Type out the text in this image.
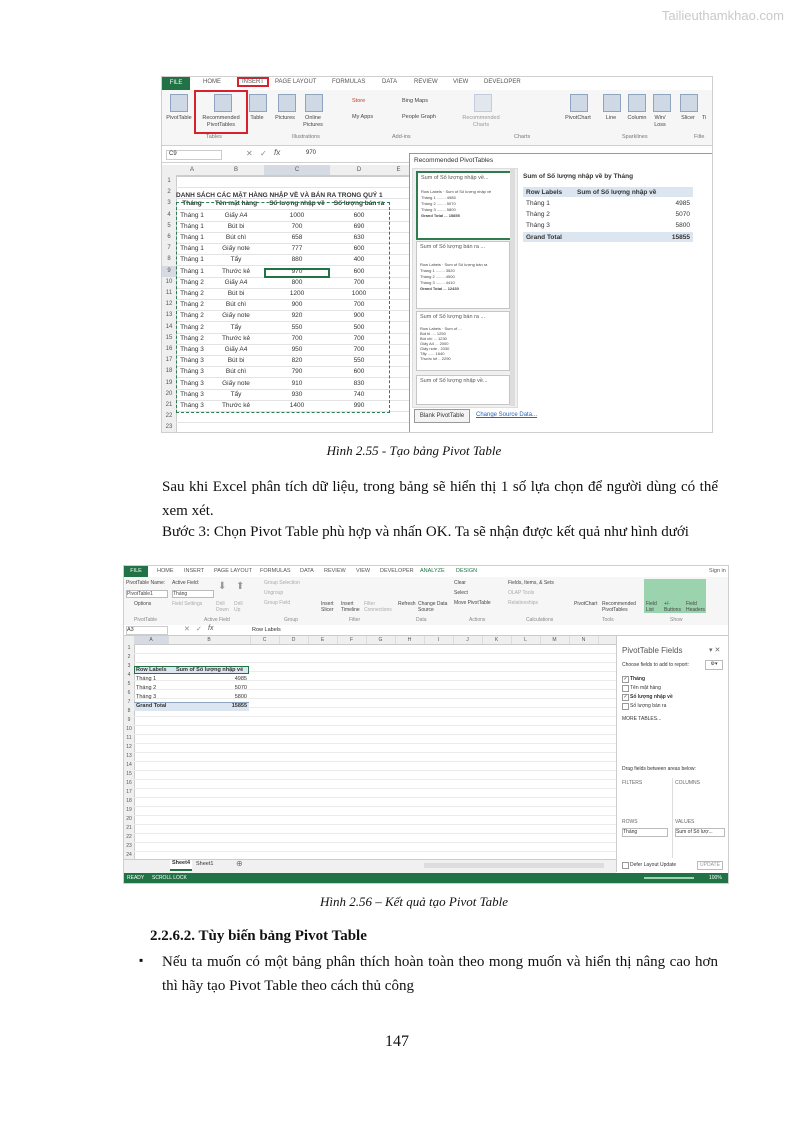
Tailieuthamkhao.com
FILE	HOME	INSERT	PAGE LAYOUT	FORMULAS	DATA	REVIEW	VIEW	DEVELOPER
PivotTable	Recommended PivotTables
Table	Pictures	Online Pictures
Store
My Apps
Bing Maps
People Graph	Recommended Charts
PivotChart	Line	Column	Win/ Loss
Slicer	Ti
Tables	Illustrations	Add-ins	Charts	Sparklines	Filte
C9	✕ ✓ fx	970
A	B	C	D	E
1
2
3
4
5
6
7
8
9
10
11
12
13
14
15
16
17
18
19
20
21
22
23
Tháng	Tên mặt hàng	Số lượng nhập về	Số lượng bán ra
Tháng 1	Giấy A4	1000	600
Tháng 1	Bút bi	700	690
Tháng 1	Bút chì	658	630
Tháng 1	Giấy note	777	600
Tháng 1	Tẩy	880	400
Tháng 1	Thước kẻ	970	600
Tháng 2	Giấy A4	800	700
Tháng 2	Bút bi	1200	1000
Tháng 2	Bút chì	900	700
Tháng 2	Giấy note	920	900
Tháng 2	Tẩy	550	500
Tháng 2	Thước kẻ	700	700
Tháng 3	Giấy A4	950	700
Tháng 3	Bút bi	820	550
Tháng 3	Bút chì	790	600
Tháng 3	Giấy note	910	830
Tháng 3	Tẩy	930	740
Tháng 3	Thước kẻ	1400	990
DANH SÁCH CÁC MẶT HÀNG NHẬP VỀ VÀ BÁN RA TRONG QUÝ 1
Recommended PivotTables
Sum of Số lượng nhập về...
Row Labels · Sum of Số lượng nhập về
Tháng 1 ........ 4985
Tháng 2 ........ 5070
Tháng 3 ........ 5800
Grand Total ... 15855
Sum of Số lượng bán ra ...
Row Labels · Sum of Số lượng bán ra
Tháng 1 ........ 3520
Tháng 2 ........ 4500
Tháng 3 ........ 4410
Grand Total ... 12430
Sum of Số lượng bán ra ...
Row Labels · Sum of ...
Bút bi .... 1250
Bút chì ... 1230
Giấy A4 ... 2000
Giấy note . 2330
Tẩy ...... 1640
Thước kẻ .. 2290
Sum of Số lượng nhập về...
Sum of Số lượng nhập về by Tháng
Row Labels Sum of Số lượng nhập về
Tháng 1	4985
Tháng 2	5070
Tháng 3	5800
Grand Total	15855
Blank PivotTable	Change Source Data...
Hình 2.55 - Tạo bảng Pivot Table
Sau khi Excel phân tích dữ liệu, trong bảng sẽ hiển thị 1 số lựa chọn để người dùng có thể xem xét.
Bước 3: Chọn Pivot Table phù hợp và nhấn OK. Ta sẽ nhận được kết quả như hình dưới
FILE	HOME INSERT PAGE LAYOUT FORMULAS DATA REVIEW VIEW DEVELOPER ANALYZE DESIGN	Sign in
PivotTable Name: Active Field:
PivotTable1	Tháng
Options	Field Settings
⬇
Drill Down
⬆
Drill Up
Group Selection
Ungroup
Group Field	Insert Slicer
Insert Timeline
Filter Connections
Refresh Change Data Source
Clear
Select
Move PivotTable
Fields, Items, & Sets
OLAP Tools
Relationships	PivotChart Recommended PivotTables
Field List
+/- Buttons
Field Headers
PivotTable	Active Field	Group	Filter	Data	Actions	Calculations	Tools	Show
A3	✕ ✓ fx	Row Labels
A	B	C	D	E	F	G	H	I	J	K	L	M	N
1
2
3
4
5
6
7
8
9
10
11
12
13
14
15
16
17
18
19
20
21
22
23
24
Row Labels Sum of Số lượng nhập về
Tháng 1	4985
Tháng 2	5070
Tháng 3	5800
Grand Total	15855
PivotTable Fields	▾ ✕
Choose fields to add to report:	⚙▾
✓ Tháng
Tên mặt hàng
✓ Số lượng nhập về
Số lượng bán ra
MORE TABLES...
Drag fields between areas below:
FILTERS	COLUMNS
ROWS	VALUES
Tháng	Sum of Số lượ...
Defer Layout Update	UPDATE
Sheet4	Sheet1	⊕
READY SCROLL LOCK	100%
Hình 2.56 – Kết quả tạo Pivot Table
2.2.6.2. Tùy biến bảng Pivot Table
▪ Nếu ta muốn có một bảng phân thích hoàn toàn theo mong muốn và hiển thị nâng cao hơn thì hãy tạo Pivot Table theo cách thủ công
147
